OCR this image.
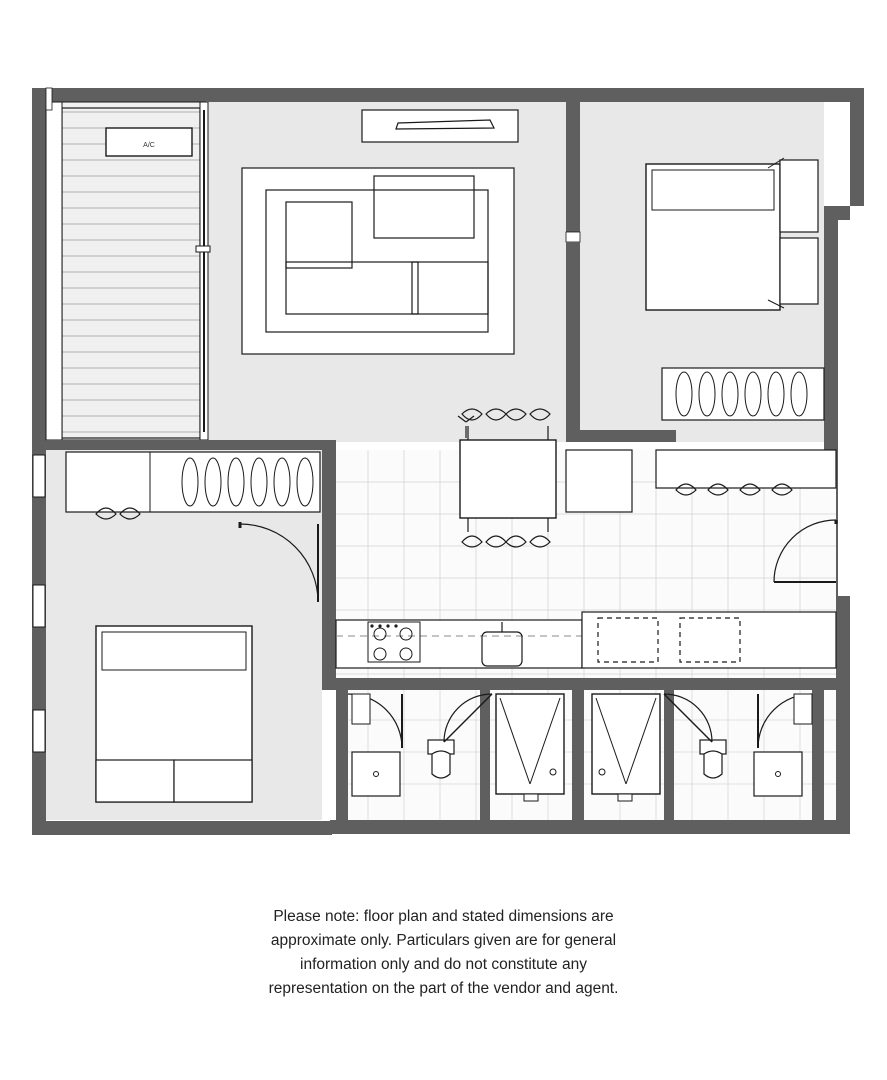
A/C
Please note: floor plan and stated dimensions are
approximate only. Particulars given are for general
information only and do not constitute any
representation on the part of the vendor and agent.
